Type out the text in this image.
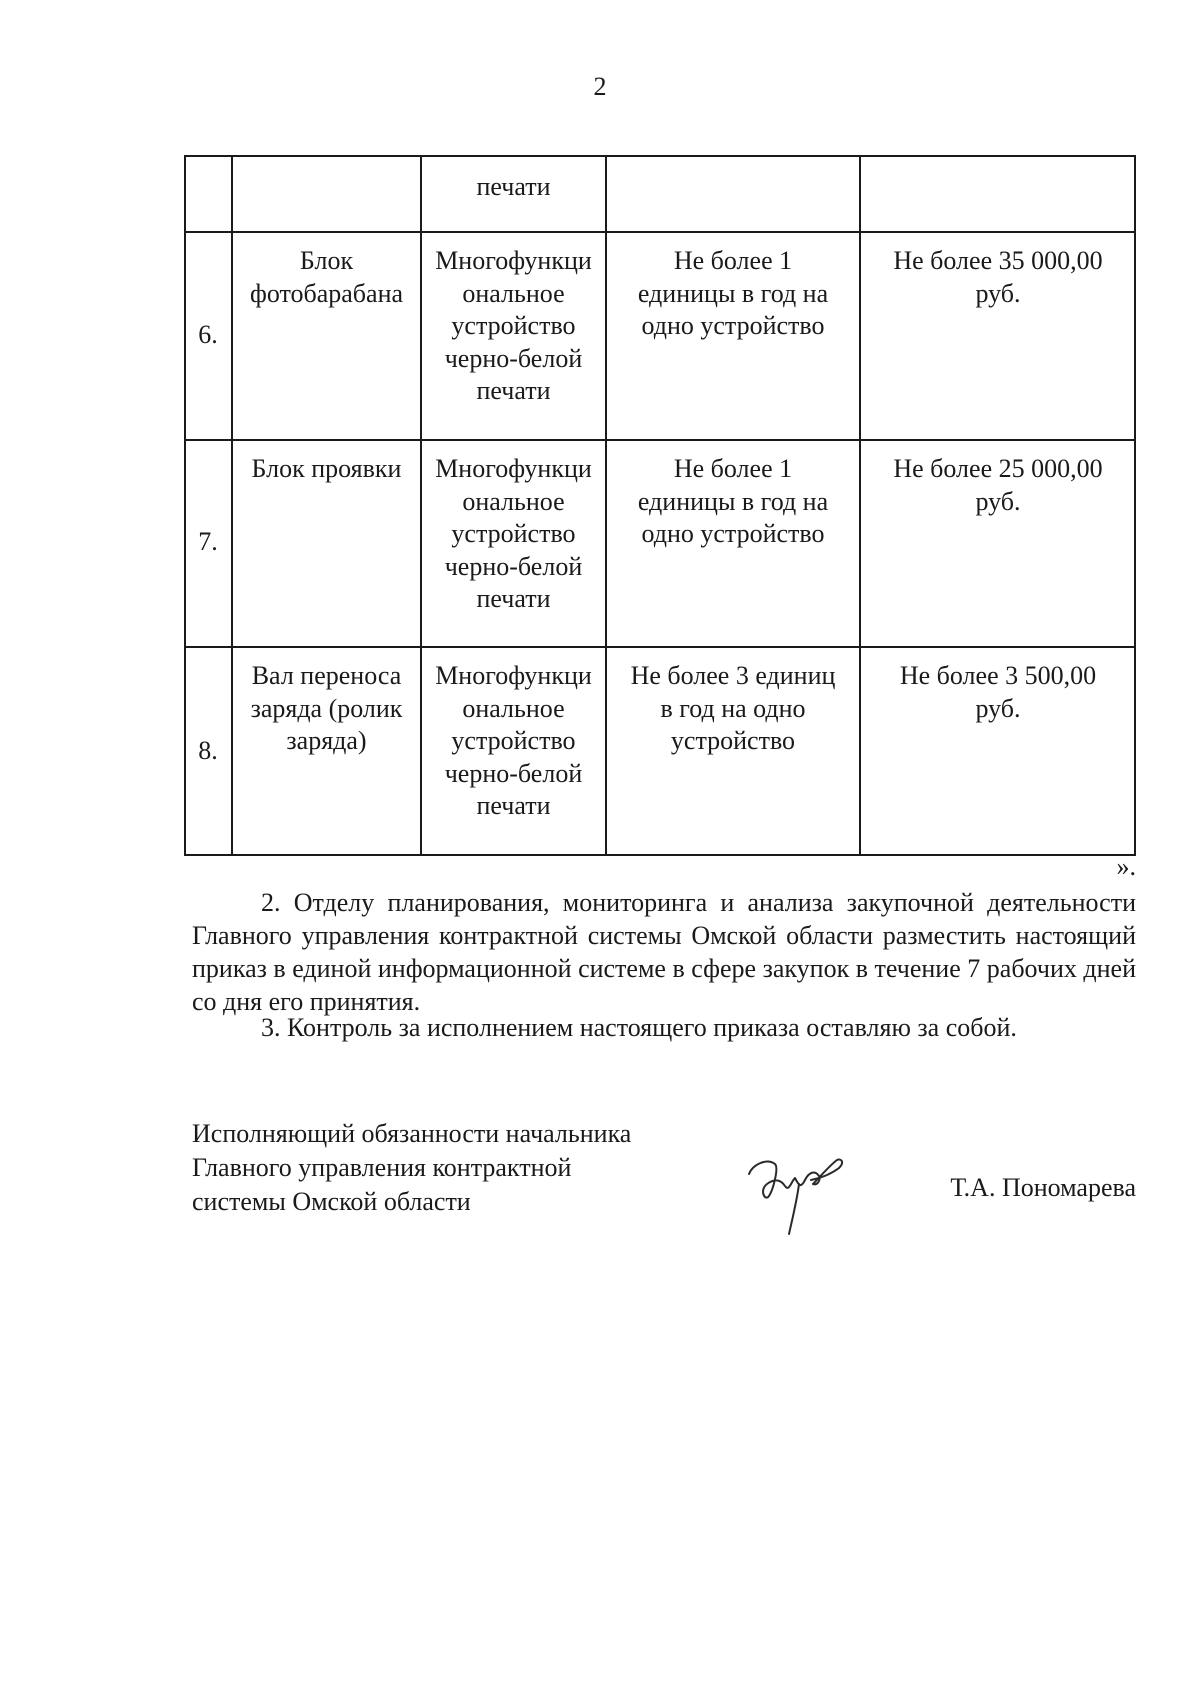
2
печати
6.
Блок
фотобарабана
Многофункци
ональное
устройство
черно-белой
печати
Не более 1
единицы в год на
одно устройство
Не более 35 000,00
руб.
7.
Блок проявки	Многофункци
ональное
устройство
черно-белой
печати
Не более 1
единицы в год на
одно устройство
Не более 25 000,00
руб.
8.
Вал переноса
заряда (ролик
заряда)
Многофункци
ональное
устройство
черно-белой
печати
Не более 3 единиц
в год на одно
устройство
Не более 3 500,00
руб.
».

2. Отделу планирования, мониторинга и анализа закупочной деятельности Главного управления контрактной системы Омской области разместить настоящий приказ в единой информационной системе в сфере закупок в течение 7 рабочих дней со дня его принятия.

3. Контроль за исполнением настоящего приказа оставляю за собой.

Исполняющий обязанности начальника
Главного управления контрактной
системы Омской области	Т.А. Пономарева
